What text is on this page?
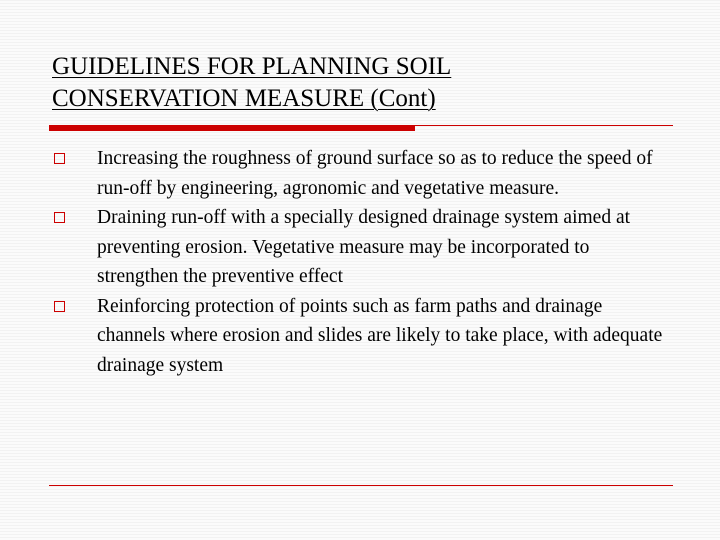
GUIDELINES FOR PLANNING SOIL
CONSERVATION MEASURE (Cont)
Increasing the roughness of ground surface so as to reduce the speed of run-off by engineering, agronomic and vegetative measure.
Draining run-off with a specially designed drainage system aimed at preventing erosion. Vegetative measure may be incorporated to strengthen the preventive effect
Reinforcing protection of points such as farm paths and drainage channels where erosion and slides are likely to take place, with adequate drainage system
